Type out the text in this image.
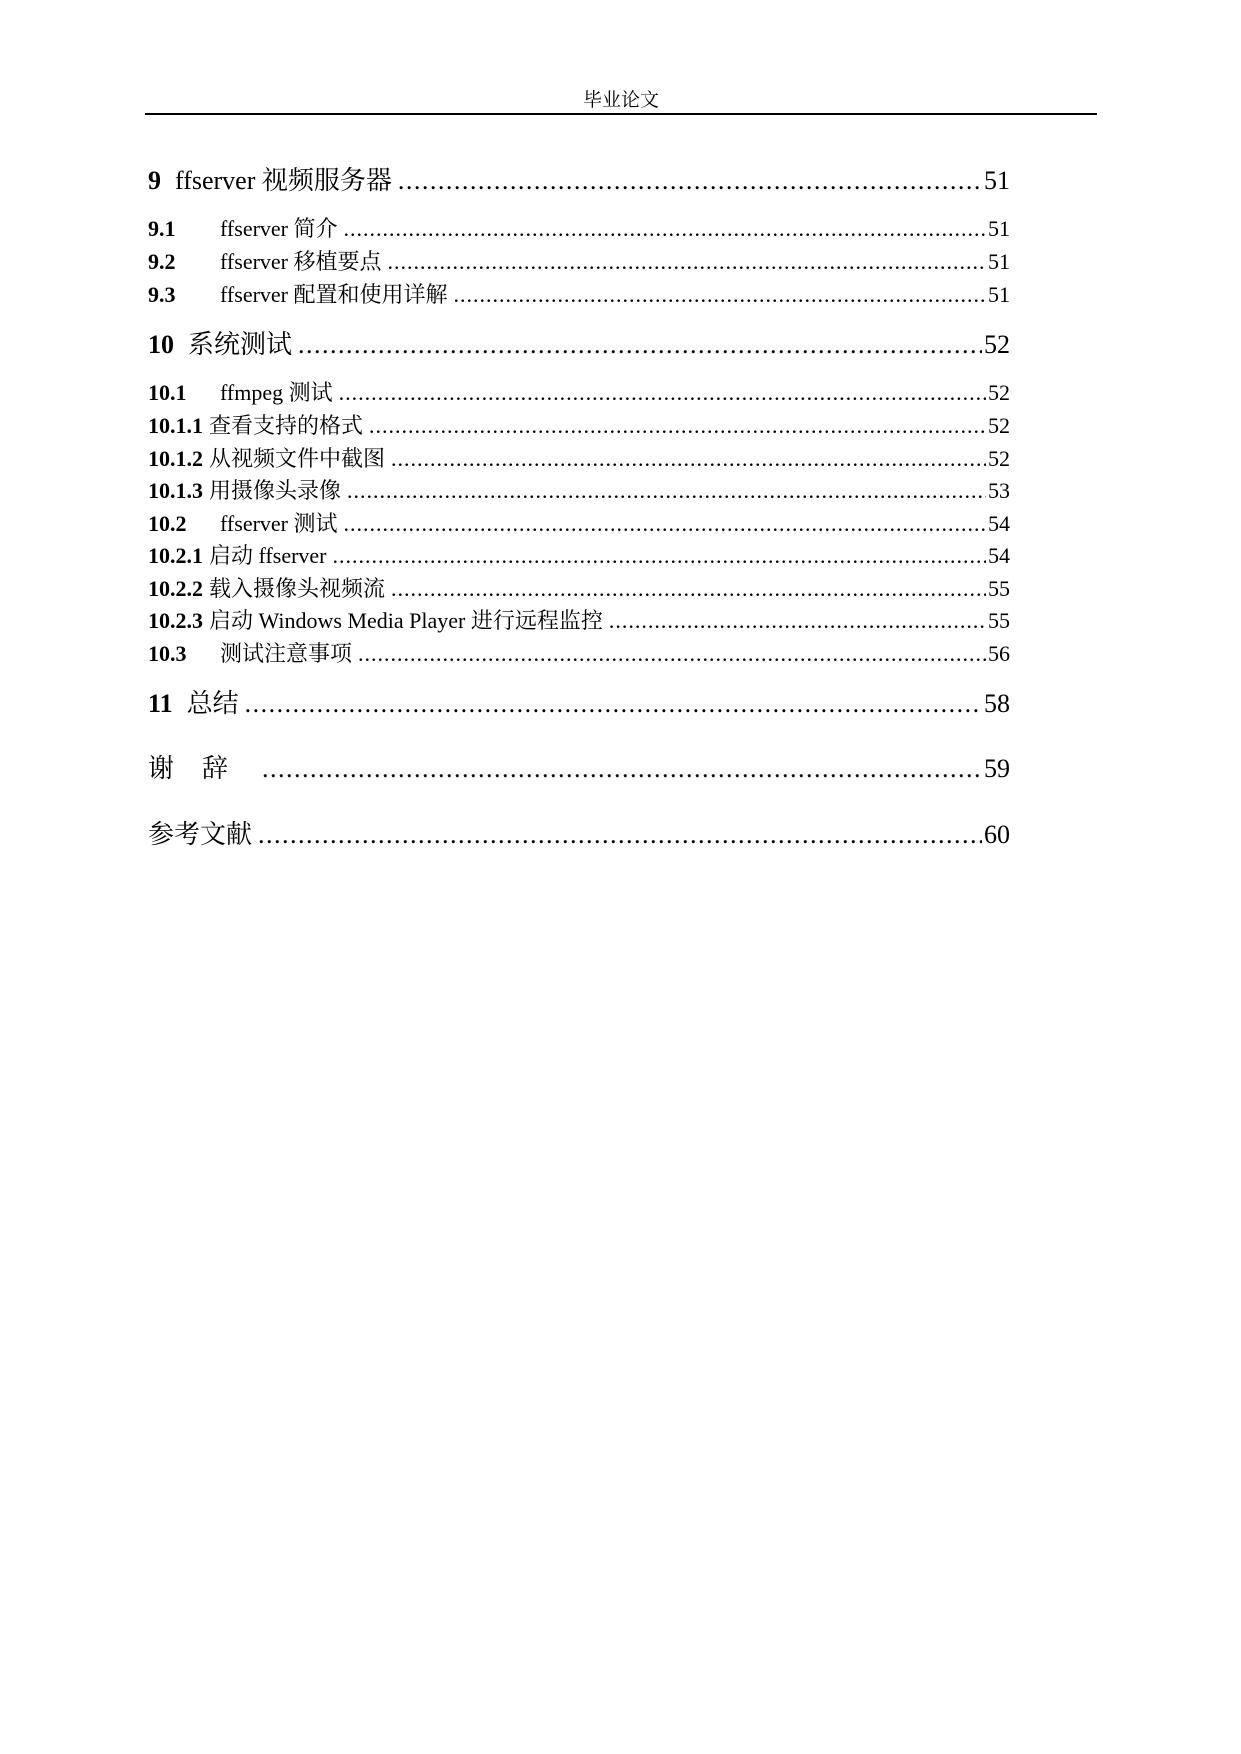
毕业论文
9 ffserver 视频服务器 .....	51
9.1	ffserver 简介 .....	51
9.2	ffserver 移植要点 .....	51
9.3	ffserver 配置和使用详解 .....	51
10 系统测试 .....	52
10.1	ffmpeg 测试 .....	52
10.1.1 查看支持的格式 .....	52
10.1.2 从视频文件中截图 .....	52
10.1.3 用摄像头录像 .....	53
10.2	ffserver 测试 .....	54
10.2.1 启动 ffserver .....	54
10.2.2 载入摄像头视频流 .....	55
10.2.3 启动 Windows Media Player 进行远程监控 .....	55
10.3	测试注意事项 .....	56
11 总结 .....	58
谢辞 .....	59
参考文献 .....	60
